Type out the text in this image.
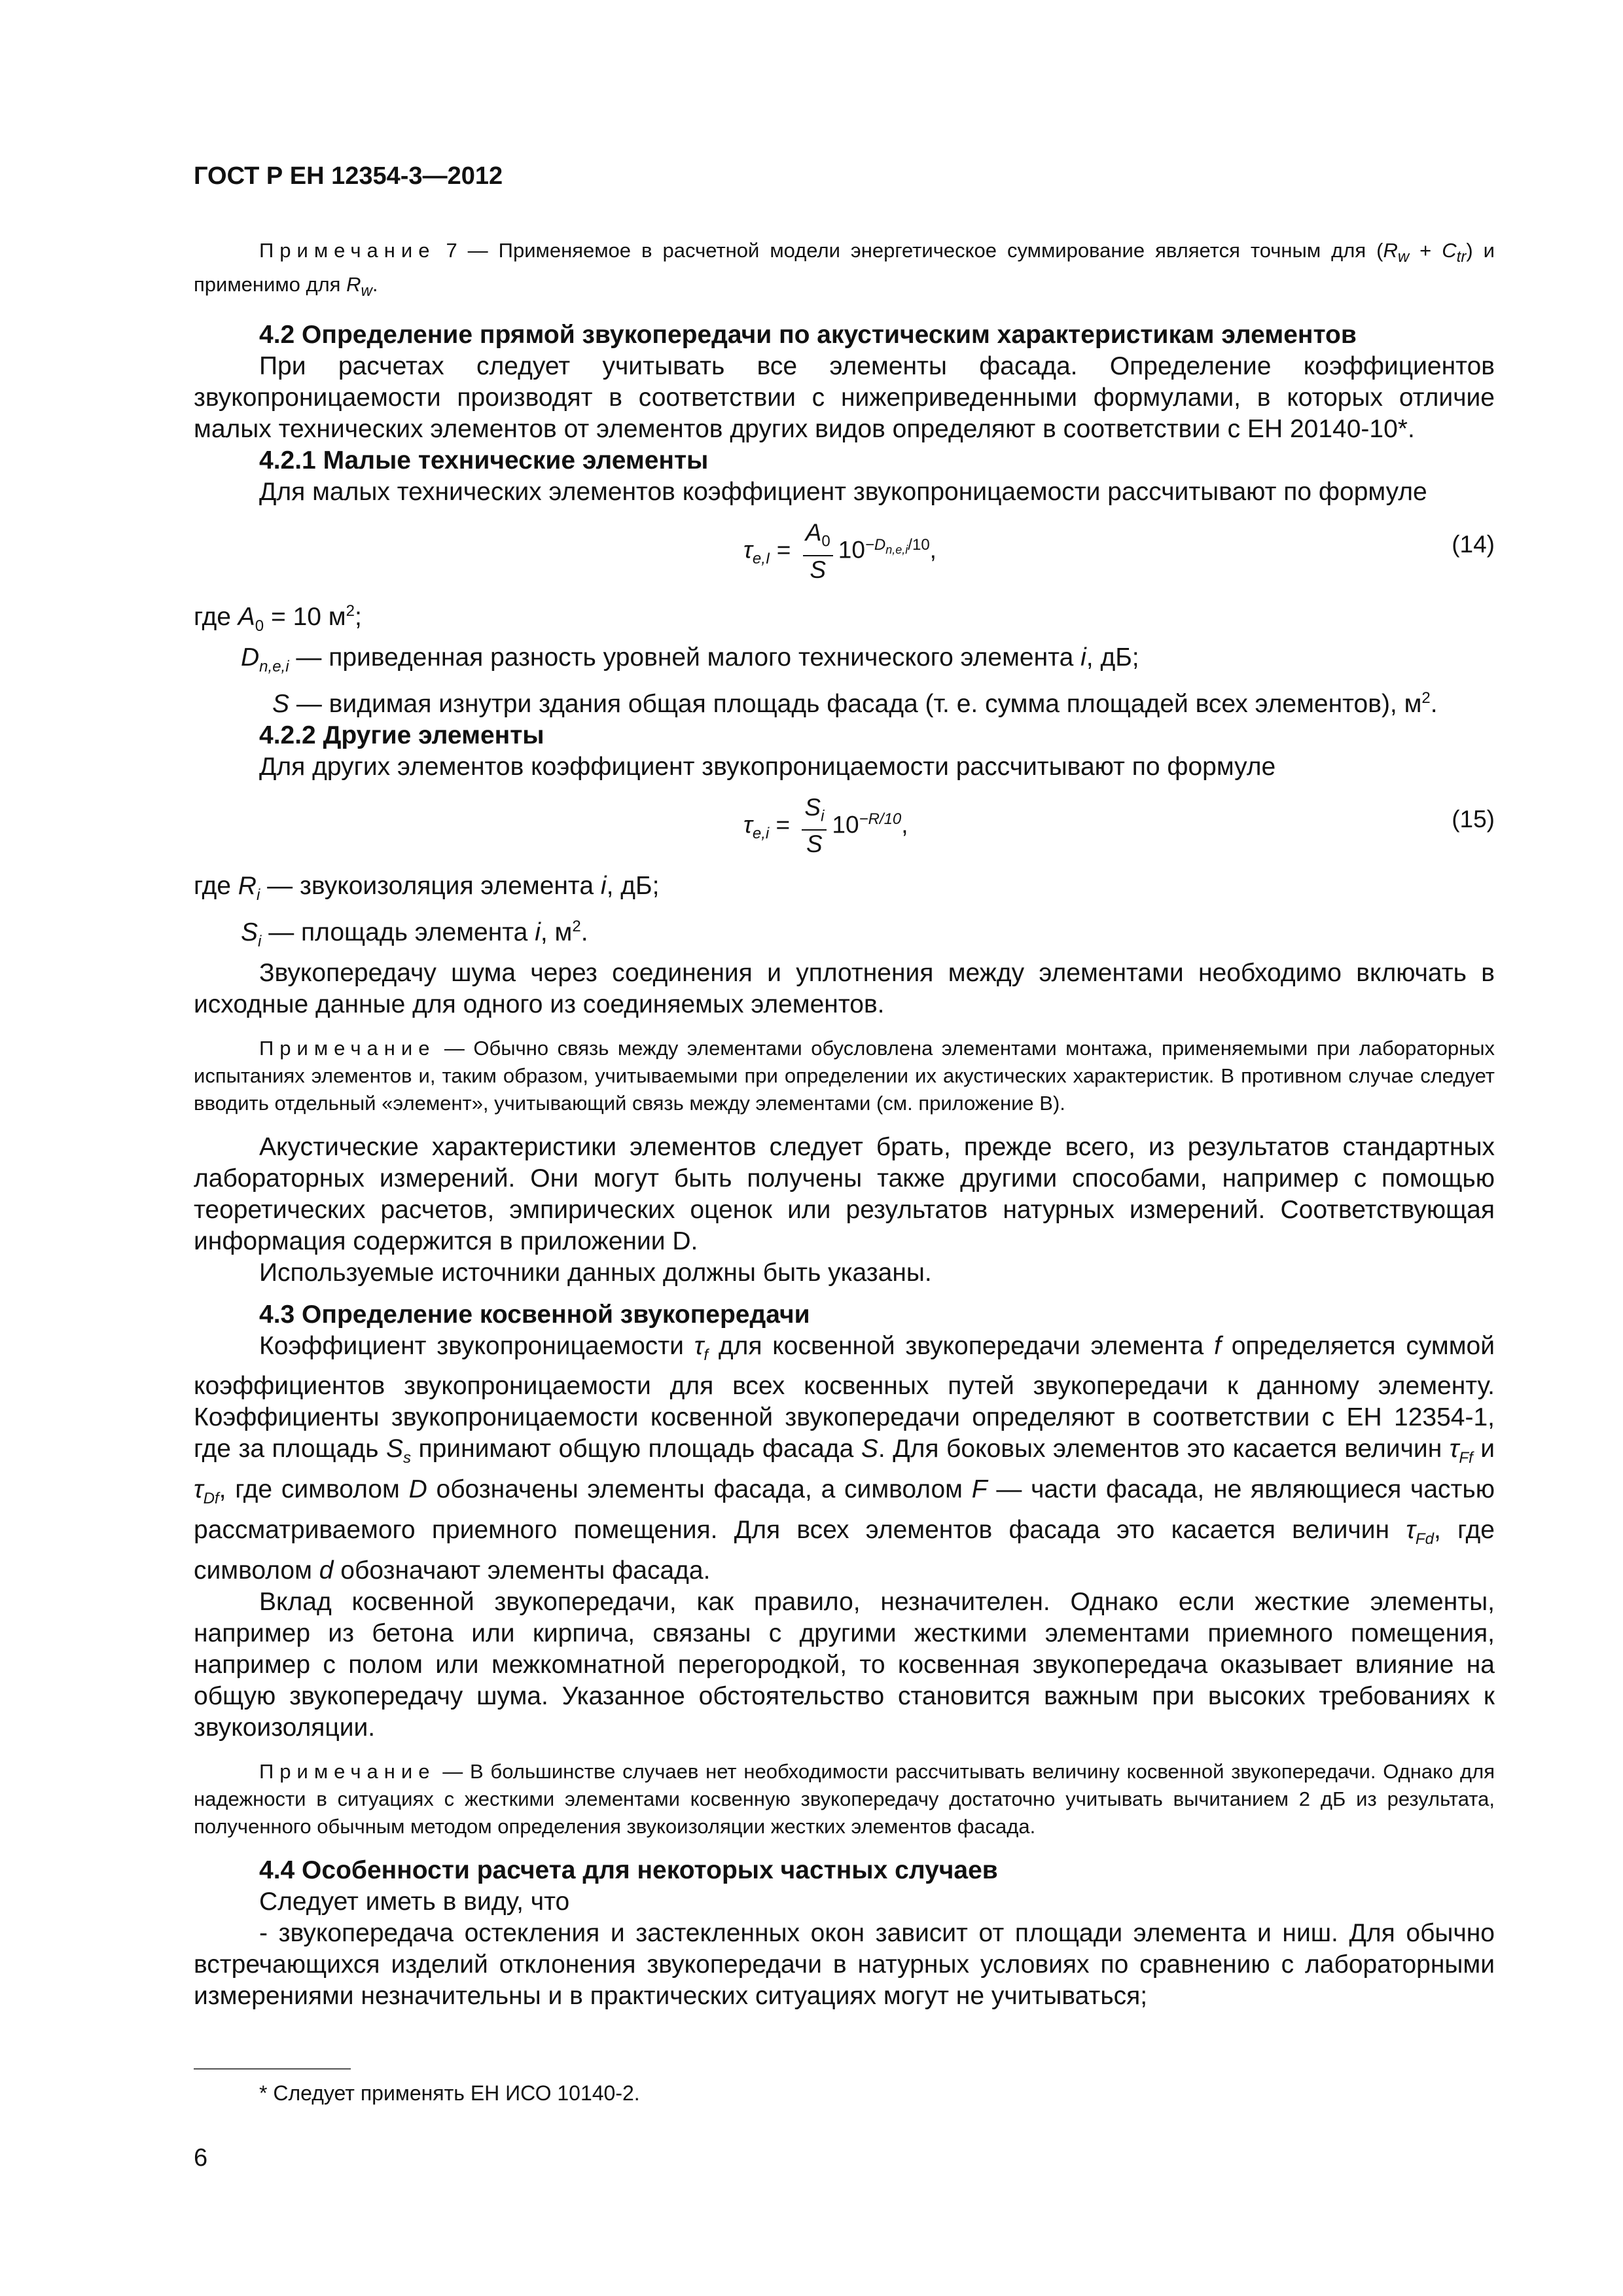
ГОСТ Р ЕН 12354-3—2012

Примечание 7 — Применяемое в расчетной модели энергетическое суммирование является точным для $(R_w + C_{tr})$ и применимо для $R_w$.

4.2 Определение прямой звукопередачи по акустическим характеристикам элементов

При расчетах следует учитывать все элементы фасада. Определение коэффициентов звукопроницаемости производят в соответствии с нижеприведенными формулами, в которых отличие малых технических элементов от элементов других видов определяют в соответствии с ЕН 20140-10*.

4.2.1 Малые технические элементы

Для малых технических элементов коэффициент звукопроницаемости рассчитывают по формуле

$\tau_{e,I} = \frac{A_0}{S} 10^{-D_{n,e,i}/10}$,	(14)

где $A_0 = 10$ $м^2$;

$D_{n,e,i}$ — приведенная разность уровней малого технического элемента i, дБ;

S — видимая изнутри здания общая площадь фасада (т. е. сумма площадей всех элементов), $м^2$.

4.2.2 Другие элементы

Для других элементов коэффициент звукопроницаемости рассчитывают по формуле

$\tau_{e,i} = \frac{S_i}{S} 10^{-R/10}$,	(15)

где $R_i$ — звукоизоляция элемента i, дБ;

$S_i$ — площадь элемента i, $м^2$.

Звукопередачу шума через соединения и уплотнения между элементами необходимо включать в исходные данные для одного из соединяемых элементов.

Примечание — Обычно связь между элементами обусловлена элементами монтажа, применяемыми при лабораторных испытаниях элементов и, таким образом, учитываемыми при определении их акустических характеристик. В противном случае следует вводить отдельный «элемент», учитывающий связь между элементами (см. приложение В).

Акустические характеристики элементов следует брать, прежде всего, из результатов стандартных лабораторных измерений. Они могут быть получены также другими способами, например с помощью теоретических расчетов, эмпирических оценок или результатов натурных измерений. Соответствующая информация содержится в приложении D.

Используемые источники данных должны быть указаны.

4.3 Определение косвенной звукопередачи

Коэффициент звукопроницаемости $\tau_f$ для косвенной звукопередачи элемента f определяется суммой коэффициентов звукопроницаемости для всех косвенных путей звукопередачи к данному элементу. Коэффициенты звукопроницаемости косвенной звукопередачи определяют в соответствии с ЕН 12354-1, где за площадь $S_s$ принимают общую площадь фасада S. Для боковых элементов это касается величин $\tau_{Ff}$ и $\tau_{Df}$, где символом D обозначены элементы фасада, а символом F — части фасада, не являющиеся частью рассматриваемого приемного помещения. Для всех элементов фасада это касается величин $\tau_{Fd}$, где символом d обозначают элементы фасада.

Вклад косвенной звукопередачи, как правило, незначителен. Однако если жесткие элементы, например из бетона или кирпича, связаны с другими жесткими элементами приемного помещения, например с полом или межкомнатной перегородкой, то косвенная звукопередача оказывает влияние на общую звукопередачу шума. Указанное обстоятельство становится важным при высоких требованиях к звукоизоляции.

Примечание — В большинстве случаев нет необходимости рассчитывать величину косвенной звукопередачи. Однако для надежности в ситуациях с жесткими элементами косвенную звукопередачу достаточно учитывать вычитанием 2 дБ из результата, полученного обычным методом определения звукоизоляции жестких элементов фасада.

4.4 Особенности расчета для некоторых частных случаев

Следует иметь в виду, что

- звукопередача остекления и застекленных окон зависит от площади элемента и ниш. Для обычно встречающихся изделий отклонения звукопередачи в натурных условиях по сравнению с лабораторными измерениями незначительны и в практических ситуациях могут не учитываться;

* Следует применять ЕН ИСО 10140-2.
6
